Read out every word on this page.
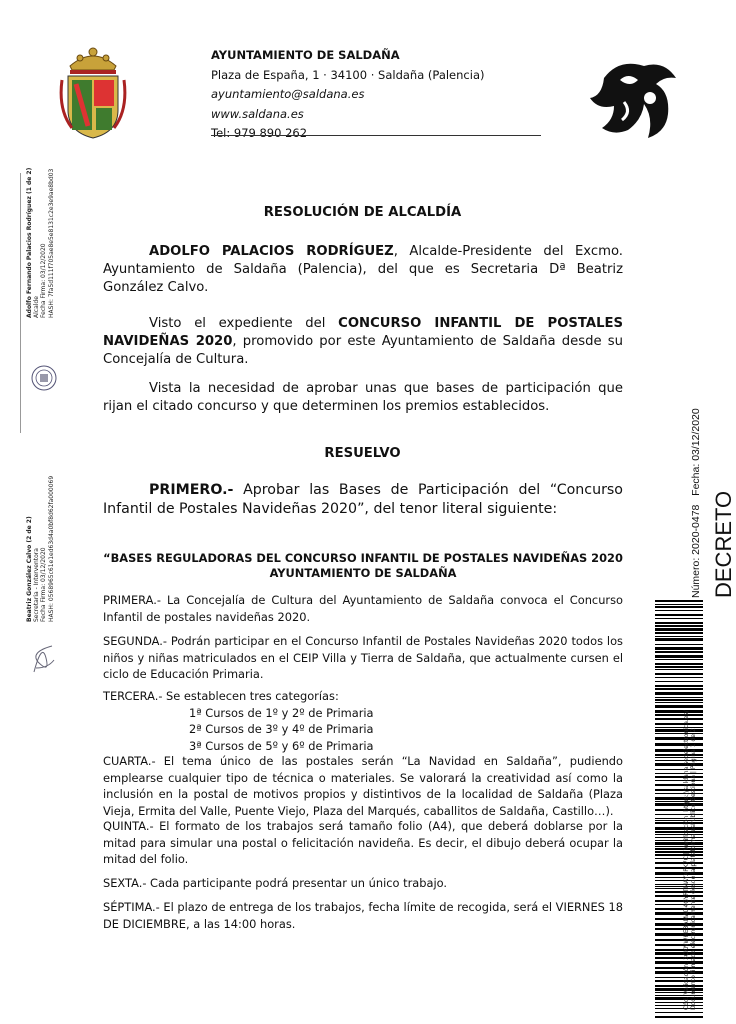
AYUNTAMIENTO DE SALDAÑA
Plaza de España, 1 · 34100 · Saldaña (Palencia)
ayuntamiento@saldana.es
www.saldana.es
Tel: 979 890 262
RESOLUCIÓN DE ALCALDÍA
ADOLFO PALACIOS RODRÍGUEZ, Alcalde-Presidente del Excmo. Ayuntamiento de Saldaña (Palencia), del que es Secretaria Dª Beatriz González Calvo.
Visto el expediente del CONCURSO INFANTIL DE POSTALES NAVIDEÑAS 2020, promovido por este Ayuntamiento de Saldaña desde su Concejalía de Cultura.
Vista la necesidad de aprobar unas que bases de participación que rijan el citado concurso y que determinen los premios establecidos.
RESUELVO
PRIMERO.- Aprobar las Bases de Participación del “Concurso Infantil de Postales Navideñas 2020”, del tenor literal siguiente:
“BASES REGULADORAS DEL CONCURSO INFANTIL DE POSTALES NAVIDEÑAS 2020
AYUNTAMIENTO DE SALDAÑA
PRIMERA.- La Concejalía de Cultura del Ayuntamiento de Saldaña convoca el Concurso Infantil de postales navideñas 2020.
SEGUNDA.- Podrán participar en el Concurso Infantil de Postales Navideñas 2020 todos los niños y niñas matriculados en el CEIP Villa y Tierra de Saldaña, que actualmente cursen el ciclo de Educación Primaria.
TERCERA.- Se establecen tres categorías:
1ª Cursos de 1º y 2º de Primaria
2ª Cursos de 3º y 4º de Primaria
3ª Cursos de 5º y 6º de Primaria
CUARTA.- El tema único de las postales serán “La Navidad en Saldaña”, pudiendo emplearse cualquier tipo de técnica o materiales. Se valorará la creatividad así como la inclusión en la postal de motivos propios y distintivos de la localidad de Saldaña (Plaza Vieja, Ermita del Valle, Puente Viejo, Plaza del Marqués, caballitos de Saldaña, Castillo…).
QUINTA.- El formato de los trabajos será tamaño folio (A4), que deberá doblarse por la mitad para simular una postal o felicitación navideña. Es decir, el dibujo deberá ocupar la mitad del folio.
SEXTA.- Cada participante podrá presentar un único trabajo.
SÉPTIMA.- El plazo de entrega de los trabajos, fecha límite de recogida, será el VIERNES 18 DE DICIEMBRE, a las 14:00 horas.
Adolfo Fernando Palacios Rodríguez (1 de 2) Alcalde Fecha Firma: 03/12/2020 HASH: 7fa5d111f705ae8e5e8131c2e3e9ae8bd03
Beatriz González Calvo (2 de 2) Secretaria - Interventora Fecha Firma: 03/12/2020 HASH: 0568965c61e1ed63d4a0bf8d62fa000069	DECRETO
Número: 2020-0478   Fecha: 03/12/2020
Cód. Validación: 3CKNWHE3AMAD4GYRTMAYXPK7C | Verificación: https://saldana.sedelectronica.es/ Documento firmado electrónicamente desde la plataforma esPublico Gestiona | Página 1 de 2
